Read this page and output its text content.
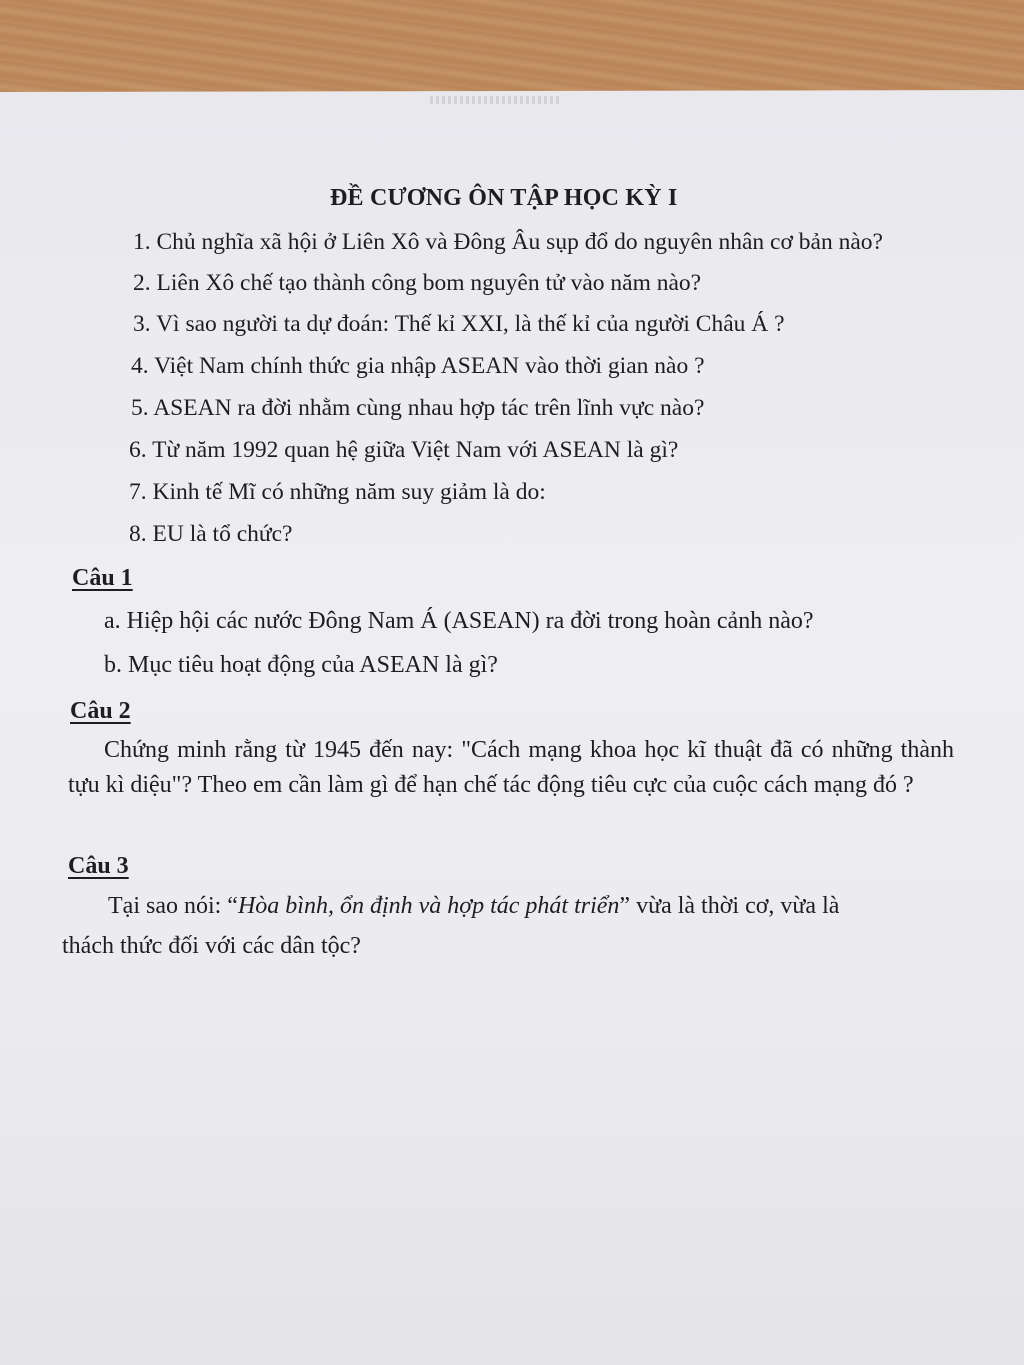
ĐỀ CƯƠNG ÔN TẬP HỌC KỲ I
1. Chủ nghĩa xã hội ở Liên Xô và Đông Âu sụp đổ do nguyên nhân cơ bản nào?
2. Liên Xô chế tạo thành công bom nguyên tử vào năm nào?
3. Vì sao người ta dự đoán: Thế kỉ XXI, là thế kỉ của người Châu Á ?
4. Việt Nam chính thức gia nhập ASEAN vào thời gian nào ?
5. ASEAN ra đời nhằm cùng nhau hợp tác trên lĩnh vực nào?
6. Từ năm 1992 quan hệ giữa Việt Nam với ASEAN là gì?
7. Kinh tế Mĩ có những năm suy giảm là do:
8. EU là tổ chức?
Câu 1
a. Hiệp hội các nước Đông Nam Á (ASEAN) ra đời trong hoàn cảnh nào?
b. Mục tiêu hoạt động của ASEAN là gì?
Câu 2
Chứng minh rằng từ 1945 đến nay: "Cách mạng khoa học kĩ thuật đã có những thành tựu kì diệu"? Theo em cần làm gì để hạn chế tác động tiêu cực của cuộc cách mạng đó ?
Câu 3
Tại sao nói: “Hòa bình, ổn định và hợp tác phát triển” vừa là thời cơ, vừa là
thách thức đối với các dân tộc?
